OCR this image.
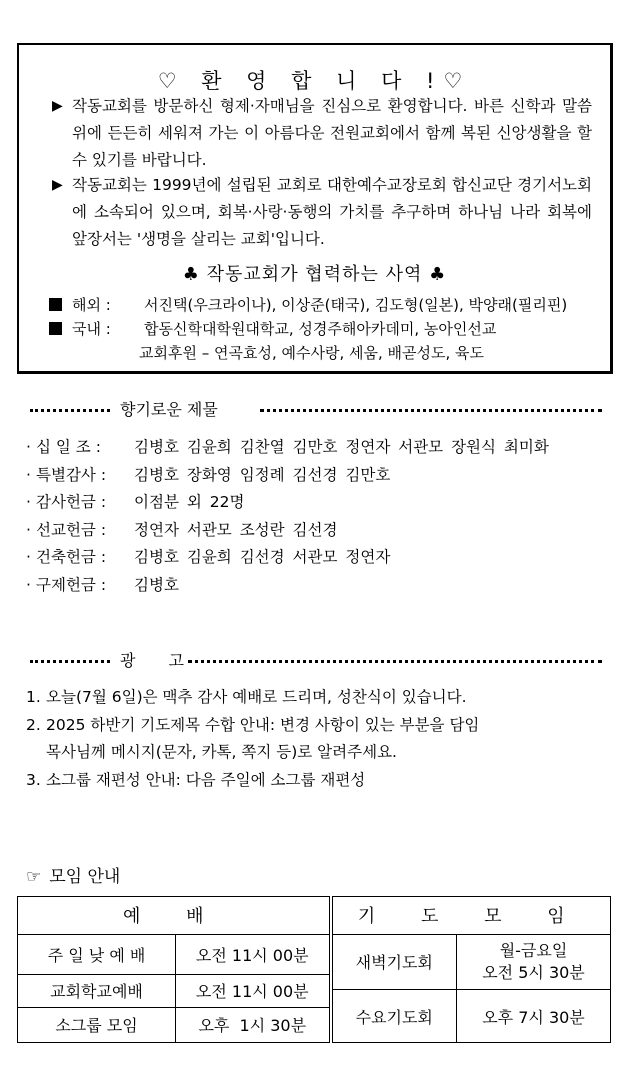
♡ 환 영 합 니 다 !♡
▶ 작동교회를 방문하신 형제·자매님을 진심으로 환영합니다. 바른 신학과 말씀 위에 든든히 세워져 가는 이 아름다운 전원교회에서 함께 복된 신앙생활을 할 수 있기를 바랍니다.
▶ 작동교회는 1999년에 설립된 교회로 대한예수교장로회 합신교단 경기서노회에 소속되어 있으며, 회복·사랑·동행의 가치를 추구하며 하나님 나라 회복에 앞장서는 '생명을 살리는 교회'입니다.
♣ 작동교회가 협력하는 사역 ♣
해외 : 서진택(우크라이나), 이상준(태국), 김도형(일본), 박양래(필리핀)
국내 : 합동신학대학원대학교, 성경주해아카데미, 농아인선교
교회후원 – 연곡효성, 예수사랑, 세움, 배곧성도, 육도
향기로운 제물
· 십 일 조 : 김병호 김윤희 김찬열 김만호 정연자 서관모 장원식 최미화
· 특별감사 : 김병호 장화영 임정례 김선경 김만호
· 감사헌금 : 이점분 외 22명
· 선교헌금 : 정연자 서관모 조성란 김선경
· 건축헌금 : 김병호 김윤희 김선경 서관모 정연자
· 구제헌금 : 김병호
광 고
1. 오늘(7월 6일)은 맥추 감사 예배로 드리며, 성찬식이 있습니다.
2. 2025 하반기 기도제목 수합 안내: 변경 사항이 있는 부분을 담임
목사님께 메시지(문자, 카톡, 쪽지 등)로 알려주세요.
3. 소그룹 재편성 안내: 다음 주일에 소그룹 재편성
☞ 모임 안내
예 배		기 도 모 임	
주 일 낮 예 배	오전 11시 00분	새벽기도회	월-금요일
오전 5시 30분

교회학교예배	오전 11시 00분		
		수요기도회	오후 7시 30분
소그룹 모임	오후  1시 30분		
